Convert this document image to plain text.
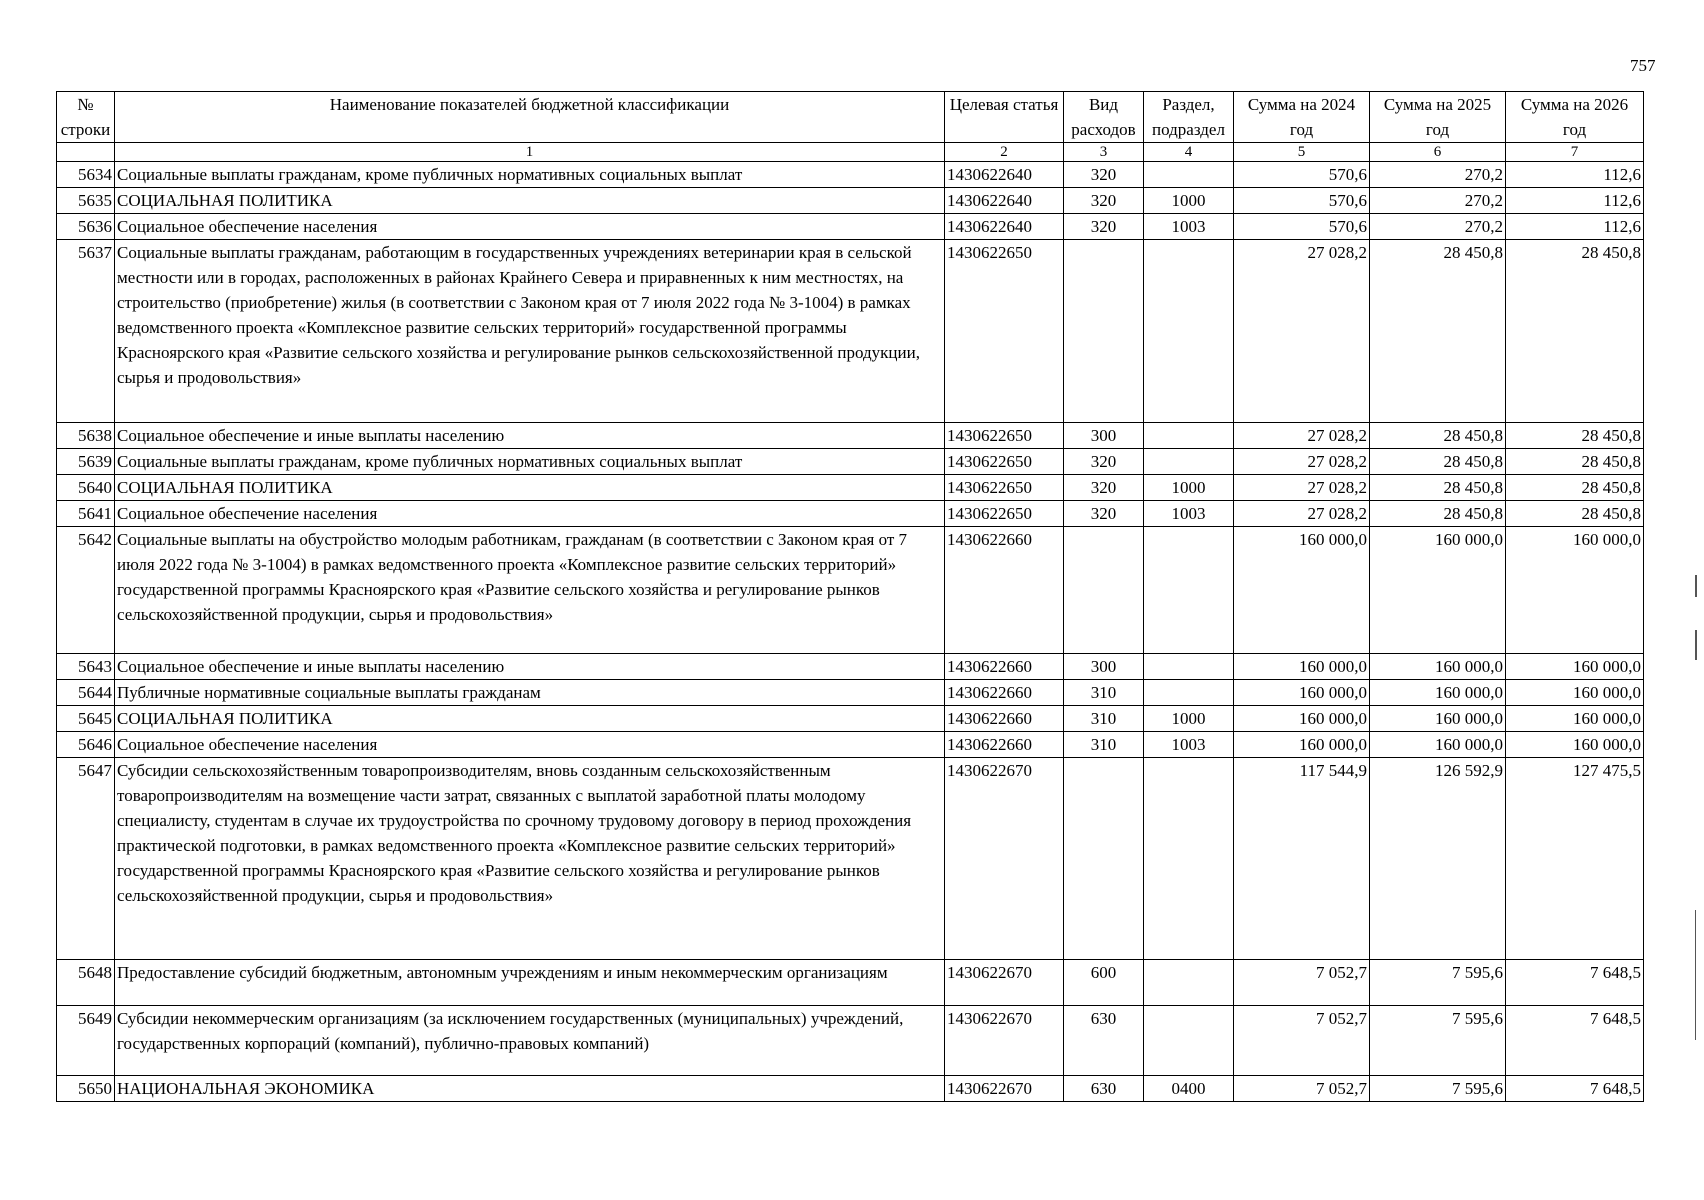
757
№ строки	Наименование показателей бюджетной классификации	Целевая статья	Вид расходов	Раздел, подраздел	Сумма на 2024 год	Сумма на 2025 год	Сумма на 2026 год
	1	2	3	4	5	6	7
5634	Социальные выплаты гражданам, кроме публичных нормативных социальных выплат	1430622640	320		570,6	270,2	112,6
5635	СОЦИАЛЬНАЯ ПОЛИТИКА	1430622640	320	1000	570,6	270,2	112,6
5636	Социальное обеспечение населения	1430622640	320	1003	570,6	270,2	112,6
5637	Социальные выплаты гражданам, работающим в государственных учреждениях ветеринарии края в сельской местности или в городах, расположенных в районах Крайнего Севера и приравненных к ним местностях, на строительство (приобретение) жилья (в соответствии с Законом края от 7 июля 2022 года № 3-1004) в рамках ведомственного проекта «Комплексное развитие сельских территорий» государственной программы Красноярского края «Развитие сельского хозяйства и регулирование рынков сельскохозяйственной продукции, сырья и продовольствия»	1430622650			27 028,2	28 450,8	28 450,8
5638	Социальное обеспечение и иные выплаты населению	1430622650	300		27 028,2	28 450,8	28 450,8
5639	Социальные выплаты гражданам, кроме публичных нормативных социальных выплат	1430622650	320		27 028,2	28 450,8	28 450,8
5640	СОЦИАЛЬНАЯ ПОЛИТИКА	1430622650	320	1000	27 028,2	28 450,8	28 450,8
5641	Социальное обеспечение населения	1430622650	320	1003	27 028,2	28 450,8	28 450,8
5642	Социальные выплаты на обустройство молодым работникам, гражданам (в соответствии с Законом края от 7 июля 2022 года № 3-1004) в рамках ведомственного проекта «Комплексное развитие сельских территорий» государственной программы Красноярского края «Развитие сельского хозяйства и регулирование рынков сельскохозяйственной продукции, сырья и продовольствия»	1430622660			160 000,0	160 000,0	160 000,0
5643	Социальное обеспечение и иные выплаты населению	1430622660	300		160 000,0	160 000,0	160 000,0
5644	Публичные нормативные социальные выплаты гражданам	1430622660	310		160 000,0	160 000,0	160 000,0
5645	СОЦИАЛЬНАЯ ПОЛИТИКА	1430622660	310	1000	160 000,0	160 000,0	160 000,0
5646	Социальное обеспечение населения	1430622660	310	1003	160 000,0	160 000,0	160 000,0
5647	Субсидии сельскохозяйственным товаропроизводителям, вновь созданным сельскохозяйственным товаропроизводителям на возмещение части затрат, связанных с выплатой заработной платы молодому специалисту, студентам в случае их трудоустройства по срочному трудовому договору в период прохождения практической подготовки, в рамках ведомственного проекта «Комплексное развитие сельских территорий» государственной программы Красноярского края «Развитие сельского хозяйства и регулирование рынков сельскохозяйственной продукции, сырья и продовольствия»	1430622670			117 544,9	126 592,9	127 475,5
5648	Предоставление субсидий бюджетным, автономным учреждениям и иным некоммерческим организациям	1430622670	600		7 052,7	7 595,6	7 648,5
5649	Субсидии некоммерческим организациям (за исключением государственных (муниципальных) учреждений, государственных корпораций (компаний), публично-правовых компаний)	1430622670	630		7 052,7	7 595,6	7 648,5
5650	НАЦИОНАЛЬНАЯ ЭКОНОМИКА	1430622670	630	0400	7 052,7	7 595,6	7 648,5
